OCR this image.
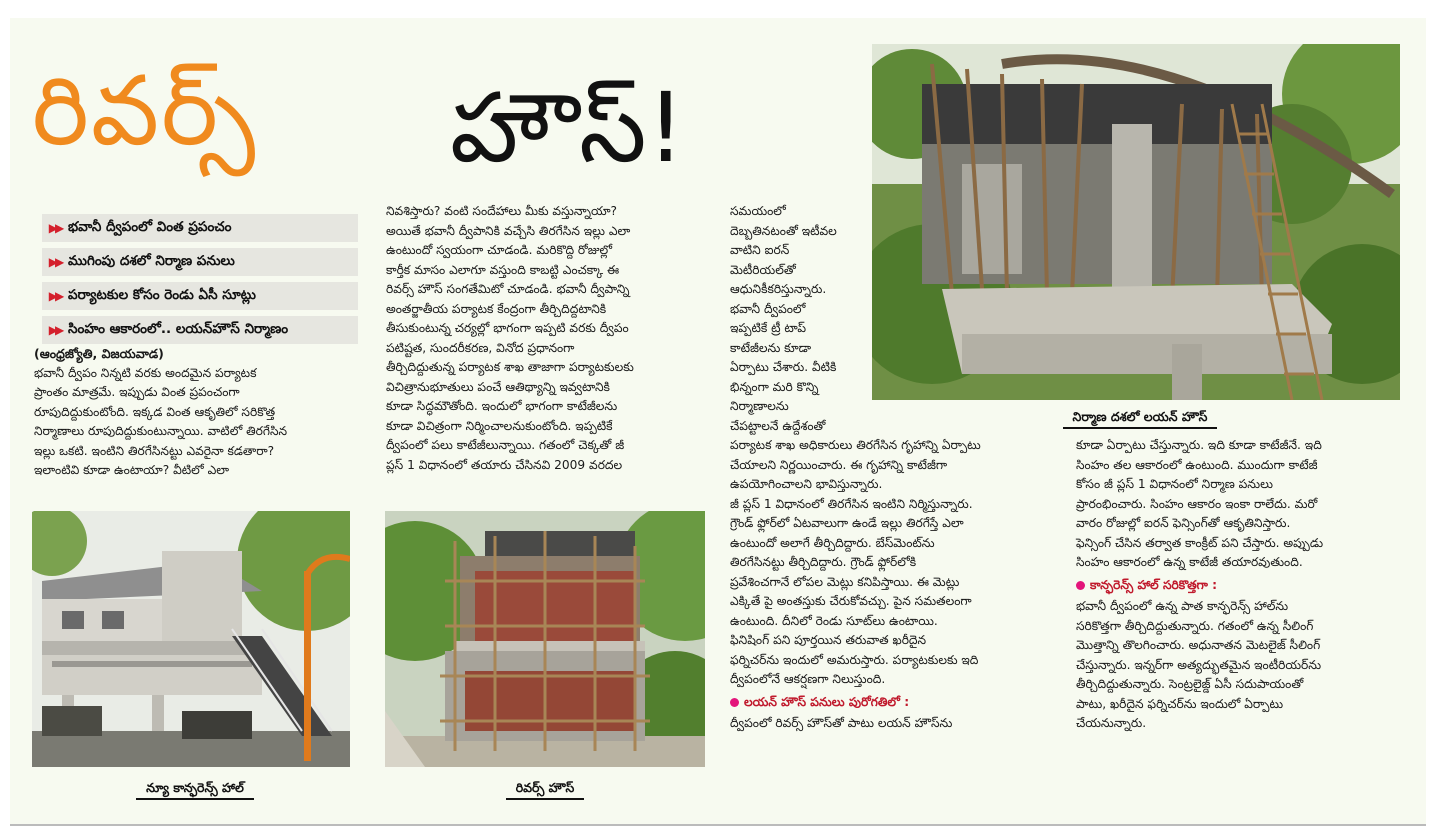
రివర్స్ హౌస్!
▶▶ భవానీ ద్వీపంలో వింత ప్రపంచం
▶▶ ముగింపు దశలో నిర్మాణ పనులు
▶▶ పర్యాటకుల కోసం రెండు ఏసీ సూట్లు
▶▶ సింహం ఆకారంలో.. లయన్‌హౌస్ నిర్మాణం

(ఆంధ్రజ్యోతి, విజయవాడ)

భవానీ ద్వీపం నిన్నటి వరకు అందమైన పర్యాటక
ప్రాంతం మాత్రమే. ఇప్పుడు వింత ప్రపంచంగా
రూపుదిద్దుకుంటోంది. ఇక్కడ వింత ఆకృతిలో సరికొత్త
నిర్మాణాలు రూపుదిద్దుకుంటున్నాయి. వాటిలో తిరగేసిన
ఇల్లు ఒకటి. ఇంటిని తిరగేసినట్టు ఎవరైనా కడతారా?
ఇలాంటివి కూడా ఉంటాయా? వీటిలో ఎలా

నివశిస్తారు? వంటి సందేహాలు మీకు వస్తున్నాయా?
అయితే భవానీ ద్వీపానికి వచ్చేసి తిరగేసిన ఇల్లు ఎలా
ఉంటుందో స్వయంగా చూడండి. మరికొద్ది రోజుల్లో
కార్తీక మాసం ఎలాగూ వస్తుంది కాబట్టి ఎంచక్కా ఈ
రివర్స్ హౌస్ సంగతేమిటో చూడండి. భవానీ ద్వీపాన్ని
అంతర్జాతీయ పర్యాటక కేంద్రంగా తీర్చిదిద్దటానికి
తీసుకుంటున్న చర్యల్లో భాగంగా ఇప్పటి వరకు ద్వీపం
పటిష్టత, సుందరీకరణ, వినోద ప్రధానంగా
తీర్చిదిద్దుతున్న పర్యాటక శాఖ తాజాగా పర్యాటకులకు
విచిత్రానుభూతులు పంచే ఆతిథ్యాన్ని ఇవ్వటానికి
కూడా సిద్ధమౌతోంది. ఇందులో భాగంగా కాటేజీలను
కూడా విచిత్రంగా నిర్మించాలనుకుంటోంది. ఇప్పటికే
ద్వీపంలో పలు కాటేజీలున్నాయి. గతంలో చెక్కతో జీ
ప్లస్ 1 విధానంలో తయారు చేసినవి 2009 వరదల

సమయంలో
దెబ్బతినటంతో ఇటీవల
వాటిని ఐరన్
మెటీరియల్‌తో
ఆధునికీకరిస్తున్నారు.
భవానీ ద్వీపంలో
ఇప్పటికే ట్రీ టాప్
కాటేజీలను కూడా
ఏర్పాటు చేశారు. వీటికి
భిన్నంగా మరి కొన్ని
నిర్మాణాలను
చేపట్టాలనే ఉద్దేశంతో

పర్యాటక శాఖ అధికారులు తిరగేసిన గృహాన్ని ఏర్పాటు
చేయాలని నిర్ణయించారు. ఈ గృహాన్ని కాటేజీగా
ఉపయోగించాలని భావిస్తున్నారు.
జీ ప్లస్ 1 విధానంలో తిరగేసిన ఇంటిని నిర్మిస్తున్నారు.
గ్రౌండ్ ఫ్లోర్‌లో ఏటవాలుగా ఉండే ఇల్లు తిరగేస్తే ఎలా
ఉంటుందో అలాగే తీర్చిదిద్దారు. బేస్‌మెంట్‌ను
తిరగేసినట్టు తీర్చిదిద్దారు. గ్రౌండ్ ఫ్లోర్‌లోకి
ప్రవేశించగానే లోపల మెట్లు కనిపిస్తాయి. ఈ మెట్లు
ఎక్కితే పై అంతస్తుకు చేరుకోవచ్చు. పైన సమతలంగా
ఉంటుంది. దీనిలో రెండు సూట్‌లు ఉంటాయి.
ఫినిషింగ్ పని పూర్తయిన తరువాత ఖరీదైన
ఫర్నిచర్‌ను ఇందులో అమరుస్తారు. పర్యాటకులకు ఇది
ద్వీపంలోనే ఆకర్షణగా నిలుస్తుంది.

లయన్ హౌస్ పనులు పురోగతిలో :

ద్వీపంలో రివర్స్ హౌస్‌తో పాటు లయన్ హౌస్‌ను

కూడా ఏర్పాటు చేస్తున్నారు. ఇది కూడా కాటేజీనే. ఇది
సింహం తల ఆకారంలో ఉంటుంది. ముందుగా కాటేజీ
కోసం జీ ప్లస్ 1 విధానంలో నిర్మాణ పనులు
ప్రారంభించారు. సింహం ఆకారం ఇంకా రాలేదు. మరో
వారం రోజుల్లో ఐరన్ ఫెన్సింగ్‌తో ఆకృతినిస్తారు.
ఫెన్సింగ్ చేసిన తర్వాత కాంక్రీట్ పని చేస్తారు. అప్పుడు
సింహం ఆకారంలో ఉన్న కాటేజీ తయారవుతుంది.

కాన్ఫరెన్స్ హాల్ సరికొత్తగా :

భవానీ ద్వీపంలో ఉన్న పాత కాన్ఫరెన్స్ హాల్‌ను
సరికొత్తగా తీర్చిదిద్దుతున్నారు. గతంలో ఉన్న సీలింగ్
మొత్తాన్ని తొలగించారు. అధునాతన మెటలైజ్ సీలింగ్
చేస్తున్నారు. ఇన్నర్‌గా అత్యద్భుతమైన ఇంటీరియర్‌ను
తీర్చిదిద్దుతున్నారు. సెంట్రలైజ్డ్ ఏసీ సదుపాయంతో
పాటు, ఖరీదైన ఫర్నిచర్‌ను ఇందులో ఏర్పాటు
చేయనున్నారు.

నిర్మాణ దశలో లయన్ హౌస్
న్యూ కాన్ఫరెన్స్ హాల్	రివర్స్ హౌస్
